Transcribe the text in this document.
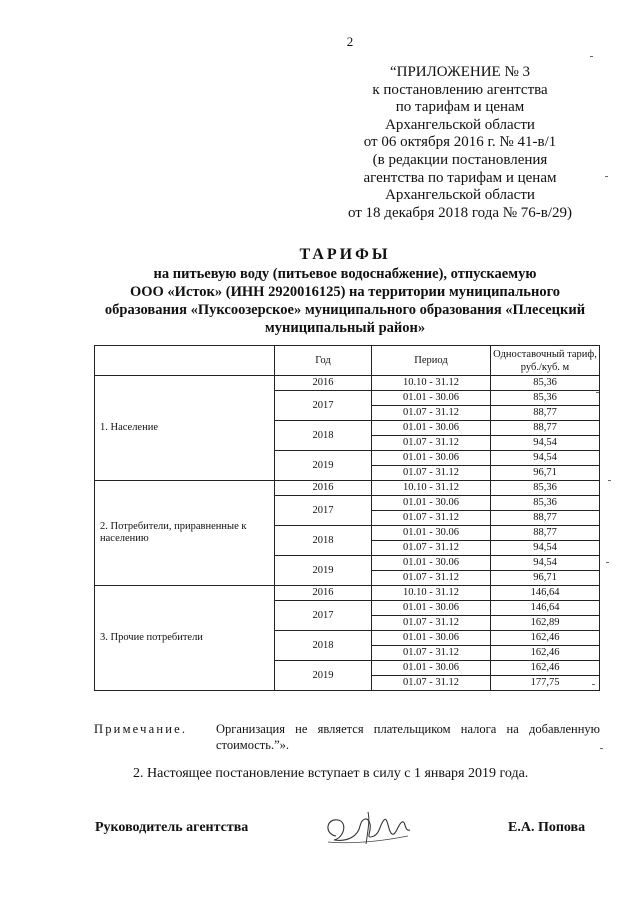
2
“ПРИЛОЖЕНИЕ № 3
к постановлению агентства
по тарифам и ценам
Архангельской области
от 06 октября 2016 г. № 41-в/1
(в редакции постановления
агентства по тарифам и ценам
Архангельской области
от 18 декабря 2018 года № 76-в/29)
ТАРИФЫ
на питьевую воду (питьевое водоснабжение), отпускаемую
ООО «Исток» (ИНН 2920016125) на территории муниципального
образования «Пуксоозерское» муниципального образования «Плесецкий
муниципальный район»
	Год	Период	Одноставочный тариф, руб./куб. м
1. Население	2016	10.10 - 31.12	85,36
	2017	01.01 - 30.06	85,36
		01.07 - 31.12	88,77
	2018	01.01 - 30.06	88,77
		01.07 - 31.12	94,54
	2019	01.01 - 30.06	94,54
		01.07 - 31.12	96,71
2. Потребители, приравненные к населению	2016	10.10 - 31.12	85,36
	2017	01.01 - 30.06	85,36
		01.07 - 31.12	88,77
	2018	01.01 - 30.06	88,77
		01.07 - 31.12	94,54
	2019	01.01 - 30.06	94,54
		01.07 - 31.12	96,71
3. Прочие потребители	2016	10.10 - 31.12	146,64
	2017	01.01 - 30.06	146,64
		01.07 - 31.12	162,89
	2018	01.01 - 30.06	162,46
		01.07 - 31.12	162,46
	2019	01.01 - 30.06	162,46
		01.07 - 31.12	177,75
Примечание. Организация не является плательщиком налога на добавленную стоимость.”».
2. Настоящее постановление вступает в силу с 1 января 2019 года.
Руководитель агентства	Е.А. Попова
